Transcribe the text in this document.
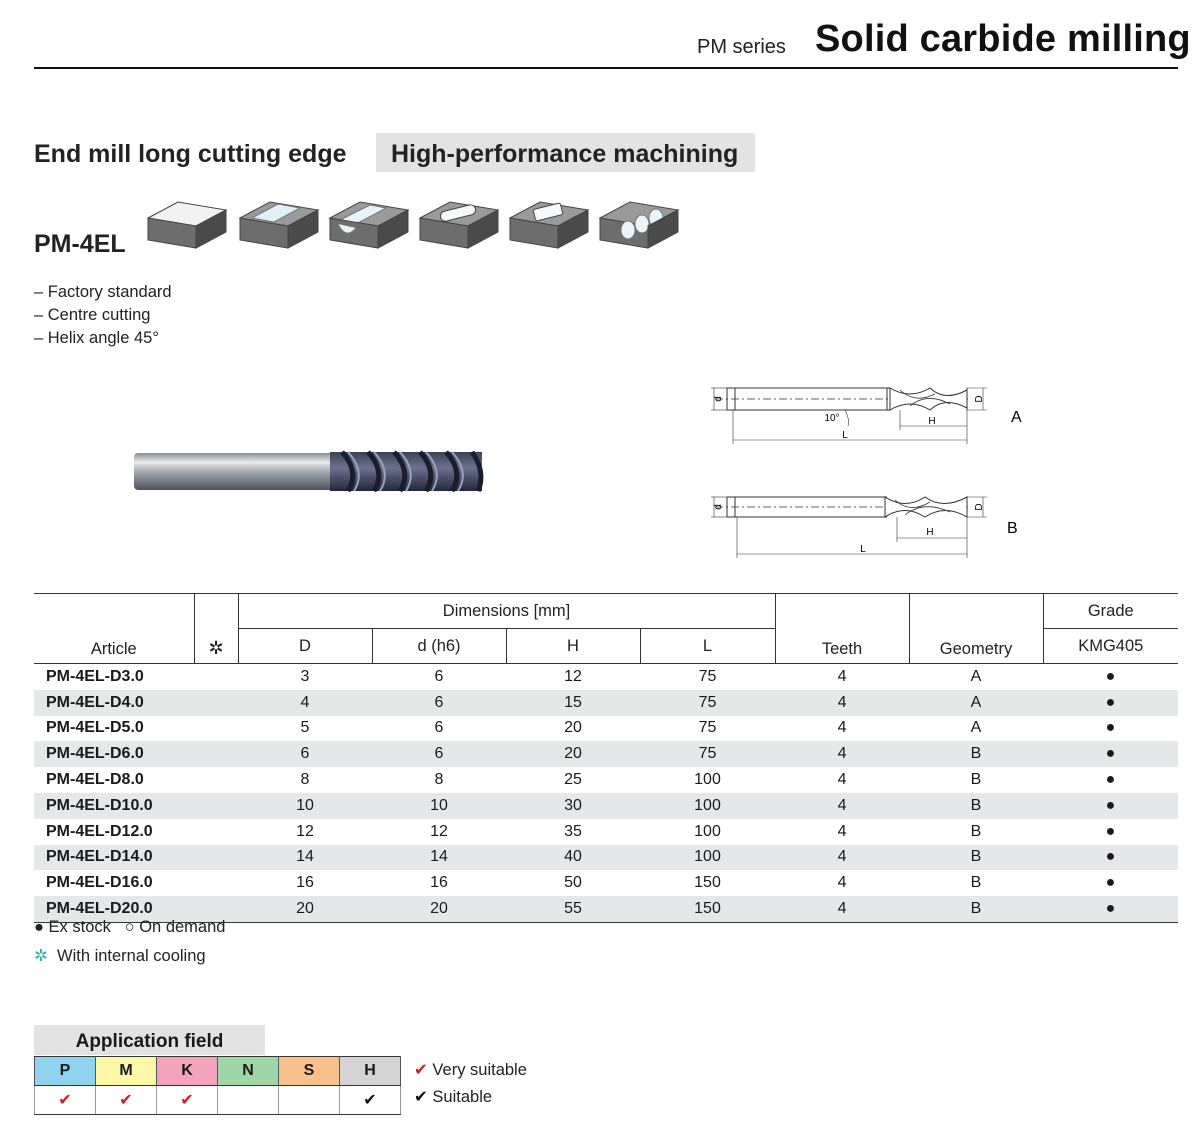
PM series Solid carbide milling
End mill long cutting edge High-performance machining
PM-4EL
– Factory standard
– Centre cutting
– Helix angle 45°
d	D
10°	H
L
A
d	D
H
L
B
Article	✲	Dimensions [mm]				Teeth	Geometry	Grade
		D	d (h6)	H	L			KMG405
PM-4EL-D3.0		3	6	12	75	4	A	●
PM-4EL-D4.0		4	6	15	75	4	A	●
PM-4EL-D5.0		5	6	20	75	4	A	●
PM-4EL-D6.0		6	6	20	75	4	B	●
PM-4EL-D8.0		8	8	25	100	4	B	●
PM-4EL-D10.0		10	10	30	100	4	B	●
PM-4EL-D12.0		12	12	35	100	4	B	●
PM-4EL-D14.0		14	14	40	100	4	B	●
PM-4EL-D16.0		16	16	50	150	4	B	●
PM-4EL-D20.0		20	20	55	150	4	B	●
● Ex stock ○ On demand
✲ With internal cooling
Application field
P	M	K	N	S	H
✔	✔	✔			✔
✔ Very suitable
✔ Suitable
